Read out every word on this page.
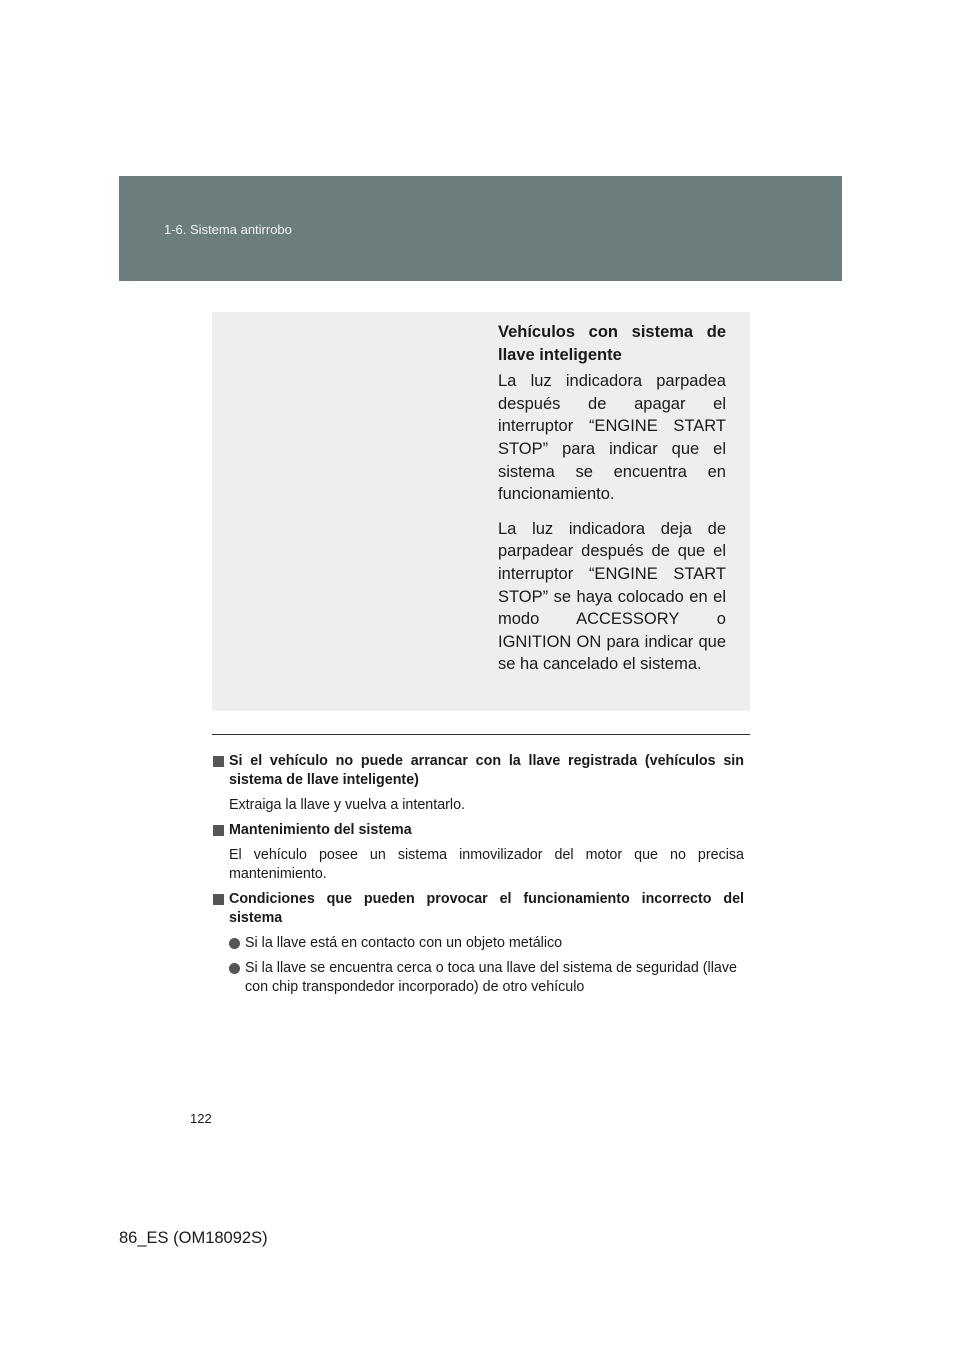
1-6. Sistema antirrobo

Vehículos con sistema de llave inteligente

La luz indicadora parpadea después de apagar el interruptor “ENGINE START STOP” para indicar que el sistema se encuentra en funcionamiento.

La luz indicadora deja de parpadear después de que el interruptor “ENGINE START STOP” se haya colocado en el modo ACCESSORY o IGNITION ON para indicar que se ha cancelado el sistema.

Si el vehículo no puede arrancar con la llave registrada (vehículos sin sistema de llave inteligente)
Extraiga la llave y vuelva a intentarlo.
Mantenimiento del sistema
El vehículo posee un sistema inmovilizador del motor que no precisa mantenimiento.
Condiciones que pueden provocar el funcionamiento incorrecto del sistema
Si la llave está en contacto con un objeto metálico
Si la llave se encuentra cerca o toca una llave del sistema de seguridad (llave con chip transpondedor incorporado) de otro vehículo
122
86_ES (OM18092S)
